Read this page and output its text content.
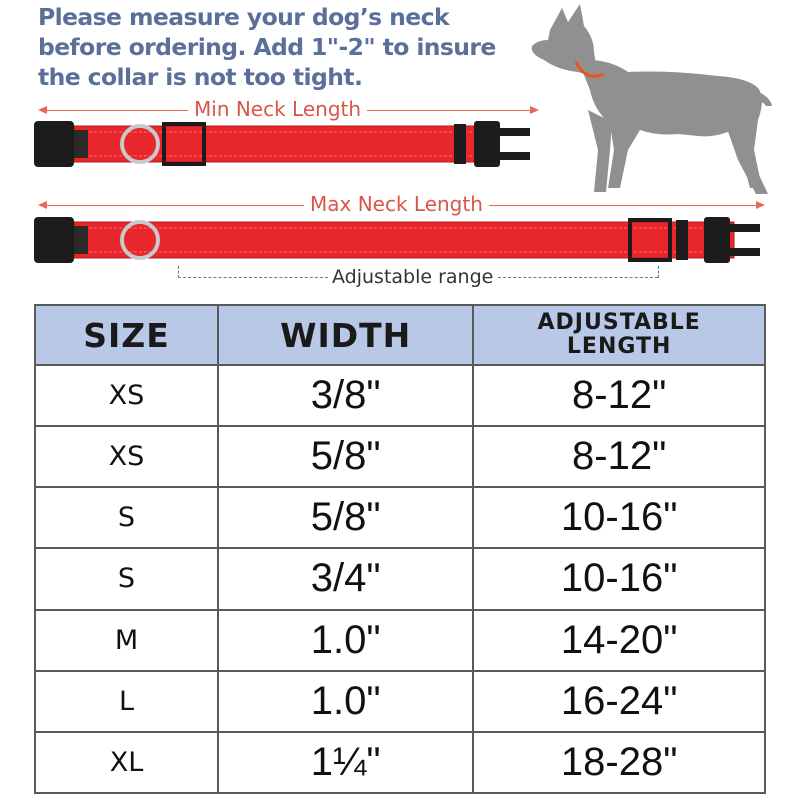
Please measure your dog’s neck before ordering. Add 1"-2" to insure the collar is not too tight.
Min Neck Length
Max Neck Length
Adjustable range
SIZE	WIDTH	ADJUSTABLE
LENGTH

XS	3/8"	8-12"
XS	5/8"	8-12"
S	5/8"	10-16"
S	3/4"	10-16"
M	1.0"	14-20"
L	1.0"	16-24"
XL	1¼"	18-28"
